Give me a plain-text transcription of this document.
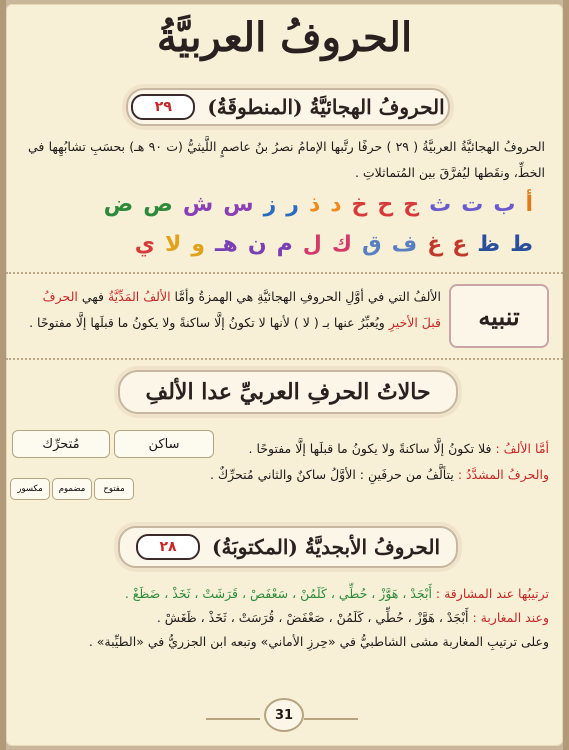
الحروفُ العربيَّةُ
الحروفُ الهجائيَّةُ (المنطوقَةُ)
٢٩
الحروفُ الهجائيَّةُ العربيَّةُ ( ٢٩ ) حرفًا رتَّبها الإمامُ نصرُ بنُ عاصمٍ اللَّيثيُّ (ت ٩٠ هـ) بحسَبِ تشابُهِها في الخطِّ، ونقَطها ليُفرَّقَ بين المُتماثلاتِ .
أ
ب
ت
ث
ج
ح
خ
د
ذ
ر
ز
س
ش
ص
ض
ط
ظ
ع
غ
ف
ق
ك
ل
م
ن
هـ
و
لا
ي
تنبيه
الألفُ التي في أوَّلِ الحروفِ الهجائيَّةِ هي الهمزةُ وأمَّا الألفُ المَدِّيَّةُ فهي الحرفُ قبلَ الأخيرِ ويُعبِّرُ عنها بـ ( لا ) لأنها لا تكونُ إلَّا ساكنةً ولا يكونُ ما قبلَها إلَّا مفتوحًا .
حالاتُ الحرفِ العربيِّ عدا الألفِ
أمَّا الألفُ : فلا تكونُ إلَّا ساكنةً ولا يكونُ ما قبلَها إلَّا مفتوحًا .
والحرفُ المشدَّدُ : يتألَّفُ من حرفَينِ : الأوَّلُ ساكنٌ والثاني مُتحرِّكٌ .
ساكن
مُتحرِّك
مفتوح
مضموم
مكسور
الحروفُ الأبجديَّةُ (المكتوبَةُ)
٢٨
ترتيبُها عند المشارقة : أَبْجَدْ ، هَوَّزْ ، حُطِّي ، كَلَمُنْ ، سَعْفَصْ ، قَرَشَتْ ، ثَخَذْ ، ضَظَغْ .
وعند المغاربة : أَبْجَدْ ، هَوَّزْ ، حُطِّي ، كَلَمُنْ ، صَعْفَضْ ، قُرَسَتْ ، ثَخَذْ ، ظَغَشْ .
وعلى ترتيبِ المغاربة مشى الشاطبيُّ في «حِرزِ الأماني» وتبعه ابن الجزريُّ في «الطيِّبة» .
31
